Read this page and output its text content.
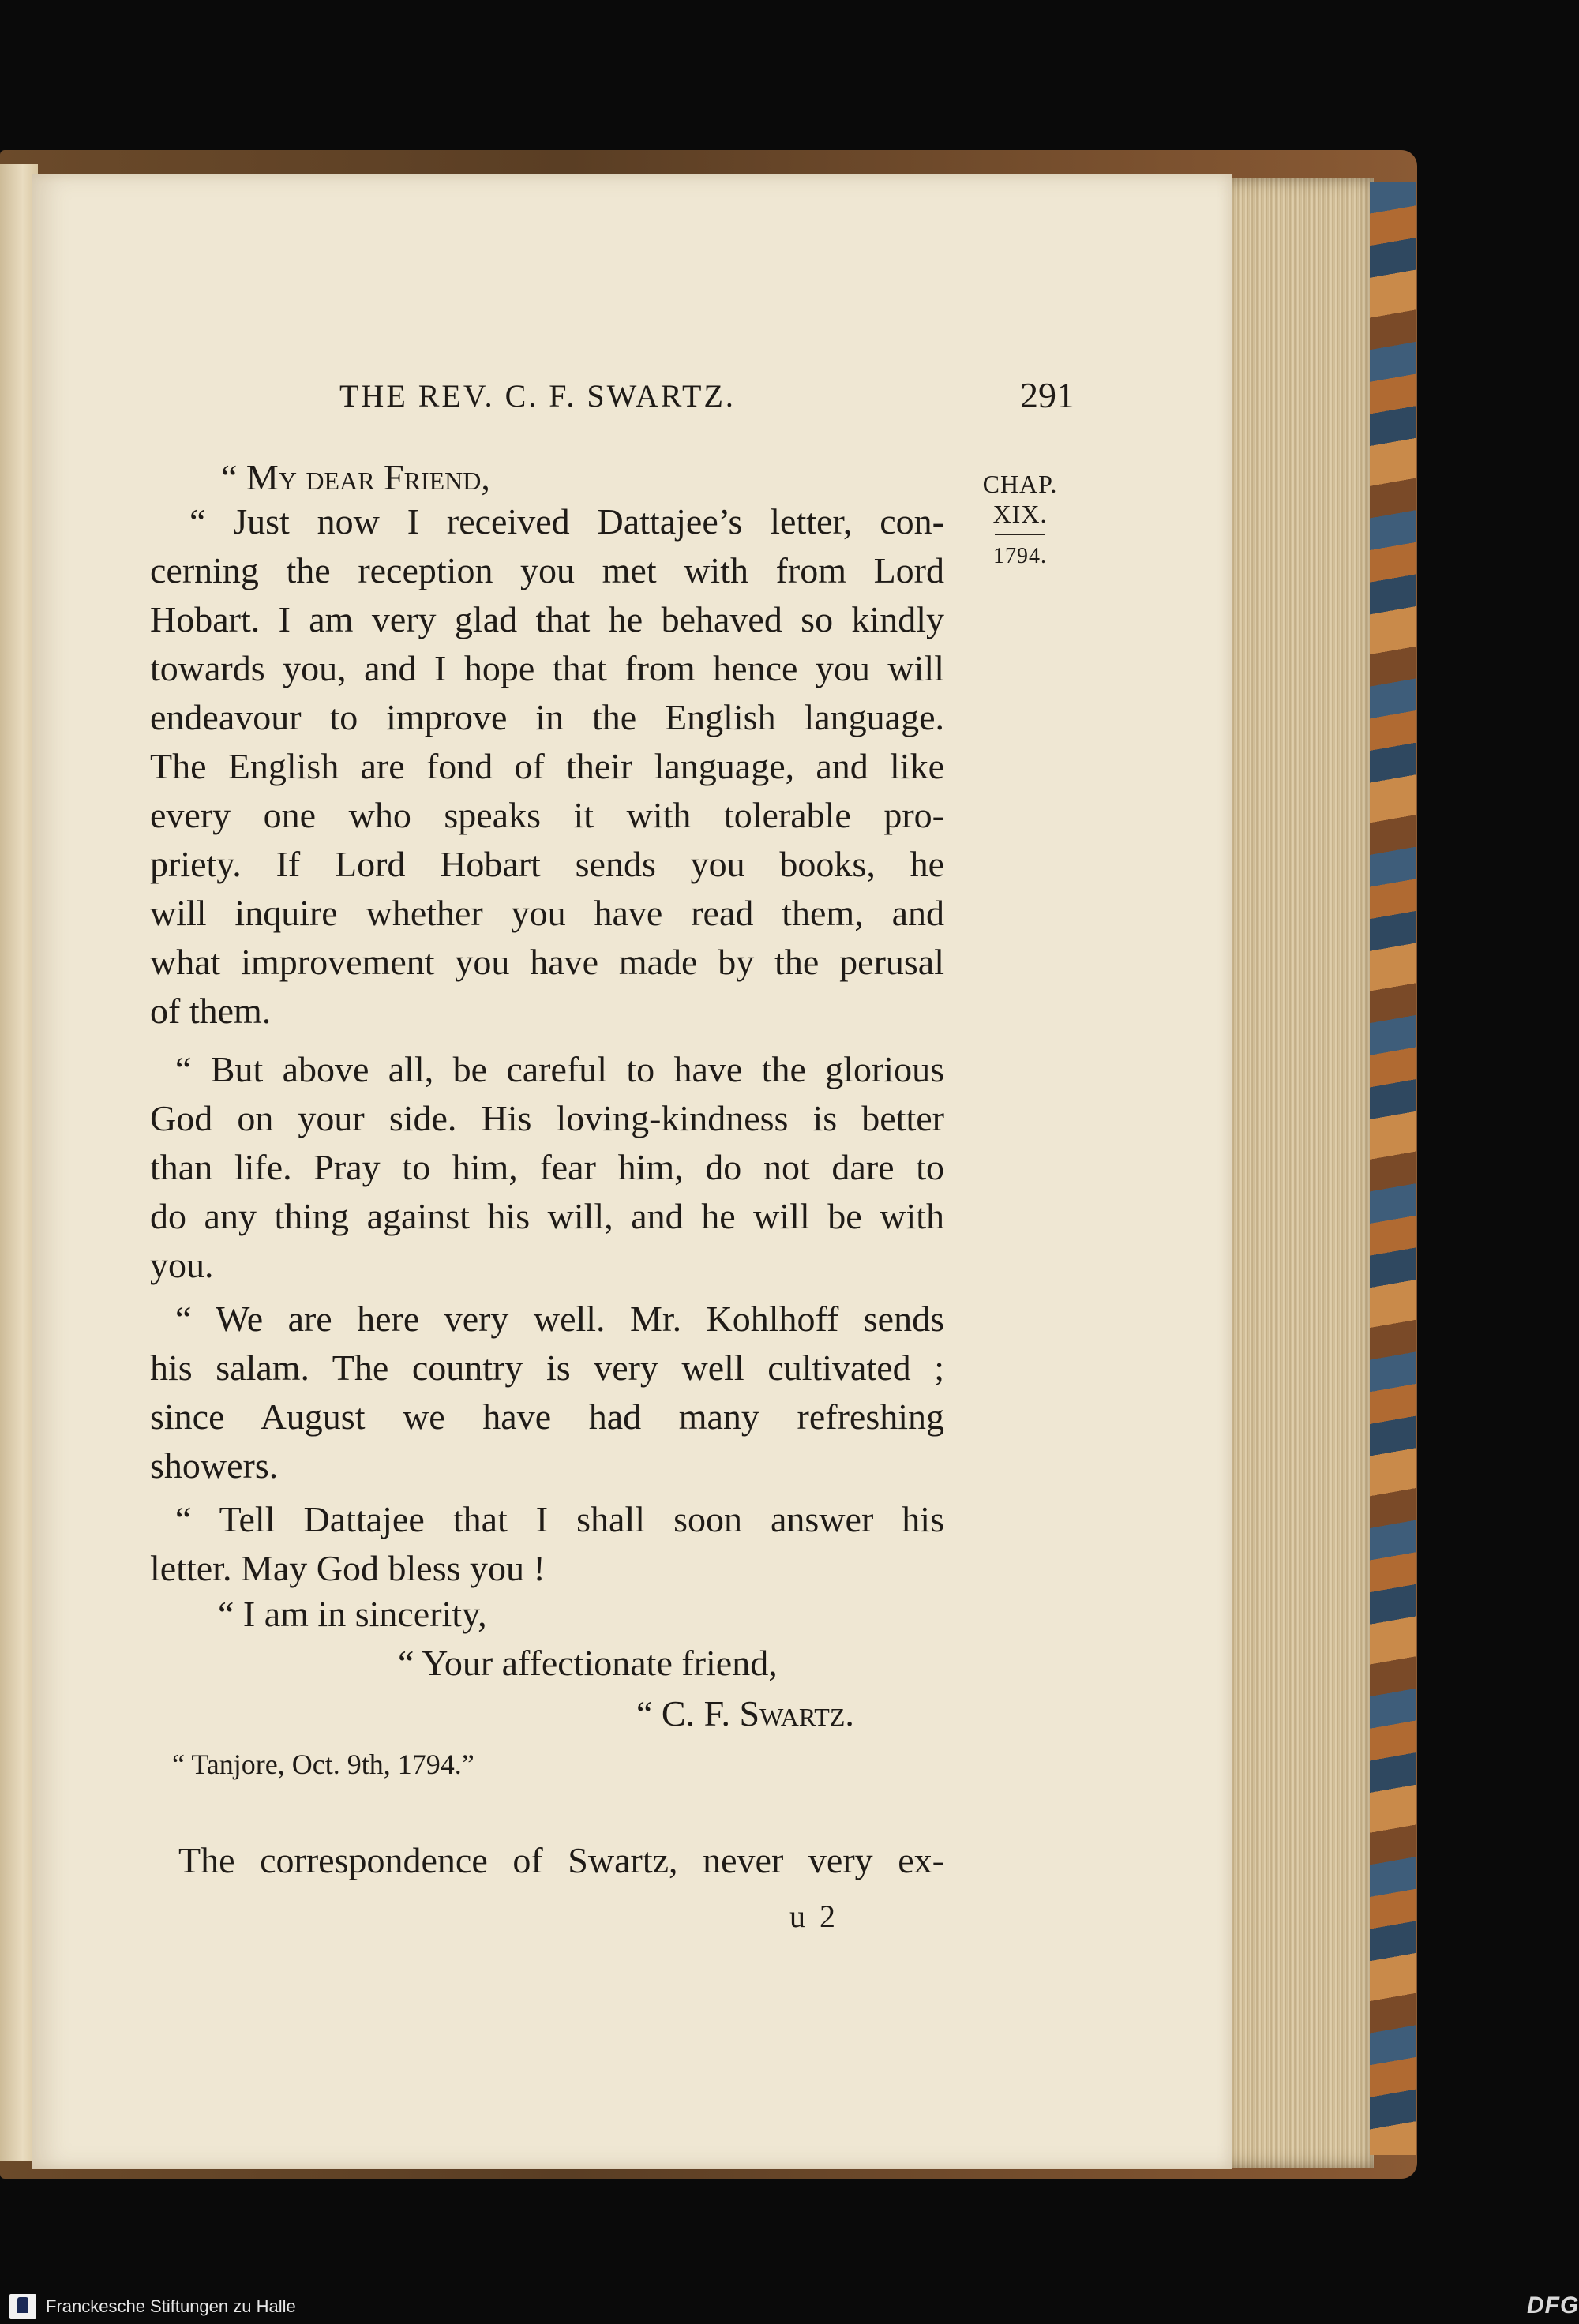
THE REV. C. F. SWARTZ.	291
CHAP.
XIX.
1794.
“ My dear Friend,
“ Just now I received Dattajee’s letter, con-
cerning the reception you met with from Lord
Hobart. I am very glad that he behaved so kindly
towards you, and I hope that from hence you will
endeavour to improve in the English language.
The English are fond of their language, and like
every one who speaks it with tolerable pro-
priety. If Lord Hobart sends you books, he
will inquire whether you have read them, and
what improvement you have made by the perusal
of them.
“ But above all, be careful to have the glorious
God on your side. His loving-kindness is better
than life. Pray to him, fear him, do not dare to
do any thing against his will, and he will be with
you.
“ We are here very well. Mr. Kohlhoff sends
his salam. The country is very well cultivated ;
since August we have had many refreshing
showers.
“ Tell Dattajee that I shall soon answer his
letter. May God bless you !
“ I am in sincerity,
“ Your affectionate friend,
“ C. F. Swartz.
“ Tanjore, Oct. 9th, 1794.”
The correspondence of Swartz, never very ex-
u 2
Franckesche Stiftungen zu Halle	DFG
